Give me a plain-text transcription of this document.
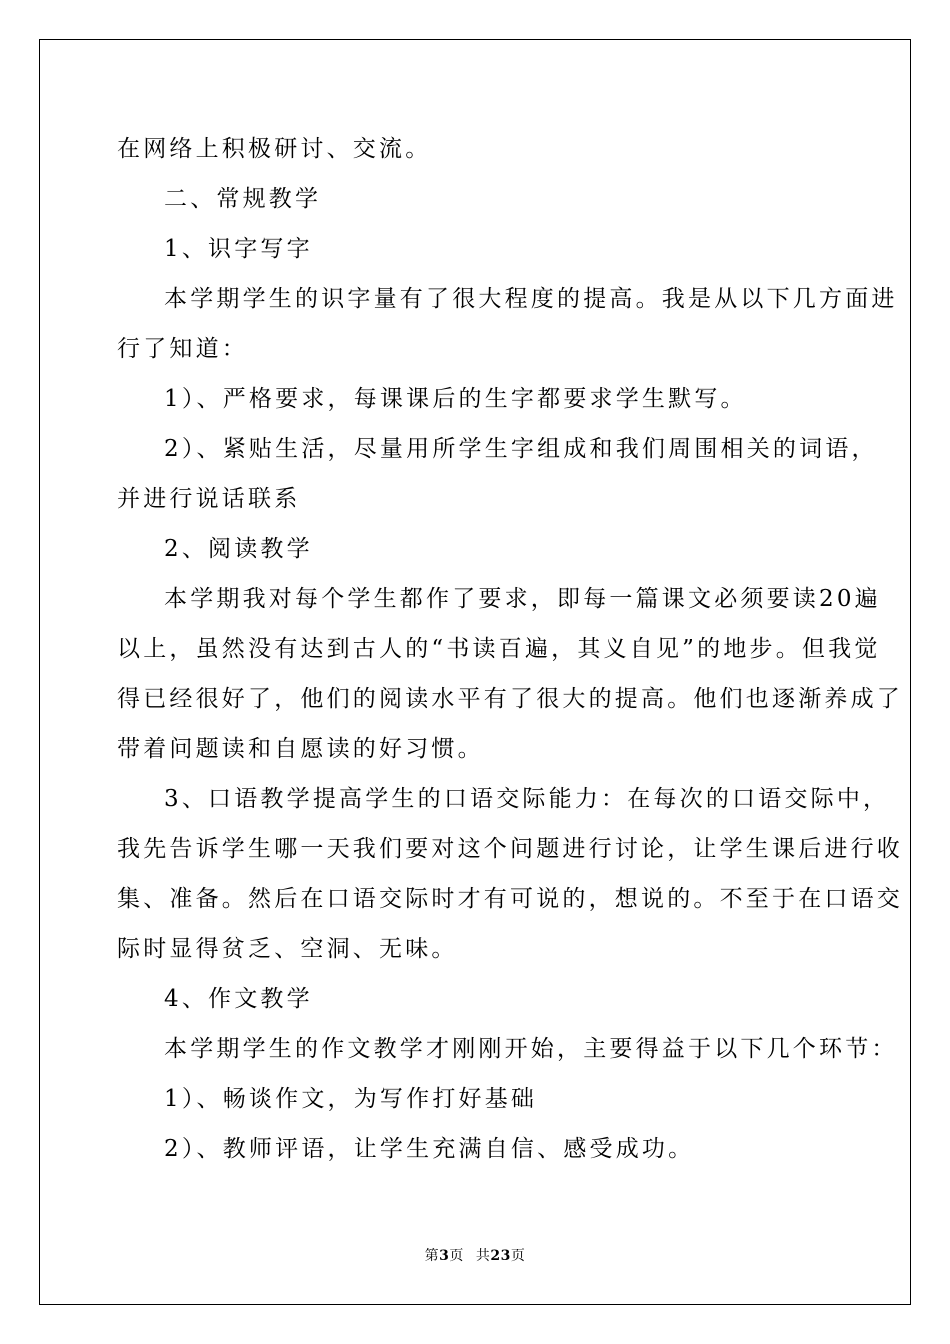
在网络上积极研讨、交流。
二、常规教学
1、识字写字
本学期学生的识字量有了很大程度的提高。我是从以下几方面进
行了知道：
1）、严格要求，每课课后的生字都要求学生默写。
2）、紧贴生活，尽量用所学生字组成和我们周围相关的词语，
并进行说话联系
2、阅读教学
本学期我对每个学生都作了要求，即每一篇课文必须要读20遍
以上，虽然没有达到古人的“书读百遍，其义自见”的地步。但我觉
得已经很好了，他们的阅读水平有了很大的提高。他们也逐渐养成了
带着问题读和自愿读的好习惯。
3、口语教学提高学生的口语交际能力：在每次的口语交际中，
我先告诉学生哪一天我们要对这个问题进行讨论，让学生课后进行收
集、准备。然后在口语交际时才有可说的，想说的。不至于在口语交
际时显得贫乏、空洞、无味。
4、作文教学
本学期学生的作文教学才刚刚开始，主要得益于以下几个环节：
1）、畅谈作文，为写作打好基础
2）、教师评语，让学生充满自信、感受成功。
第3页 共23页
